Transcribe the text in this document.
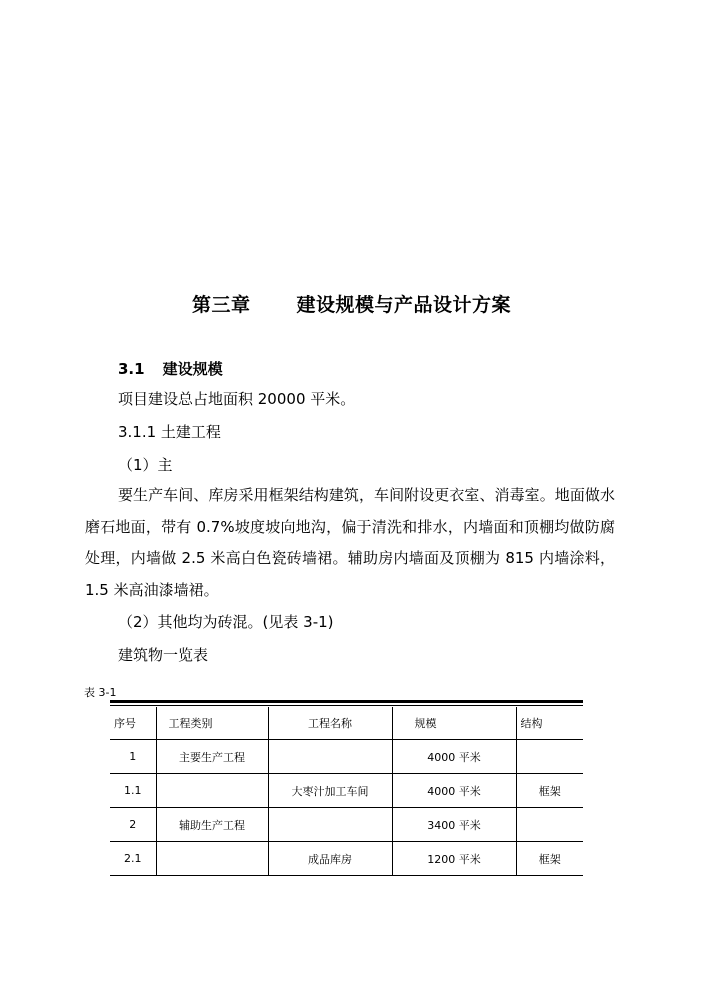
第三章 建设规模与产品设计方案
3.1 建设规模
项目建设总占地面积 20000 平米。
3.1.1 土建工程
（1）主
要生产车间、库房采用框架结构建筑，车间附设更衣室、消毒室。地面做水磨石地面，带有 0.7%坡度坡向地沟，偏于清洗和排水，内墙面和顶棚均做防腐处理，内墙做 2.5 米高白色瓷砖墙裙。辅助房内墙面及顶棚为 815 内墙涂料，1.5 米高油漆墙裙。
（2）其他均为砖混。(见表 3-1)
建筑物一览表
表 3-1
序号	工程类别	工程名称	规模	结构
1	主要生产工程		4000 平米	
1.1		大枣汁加工车间	4000 平米	框架
2	辅助生产工程		3400 平米	
2.1		成品库房	1200 平米	框架
